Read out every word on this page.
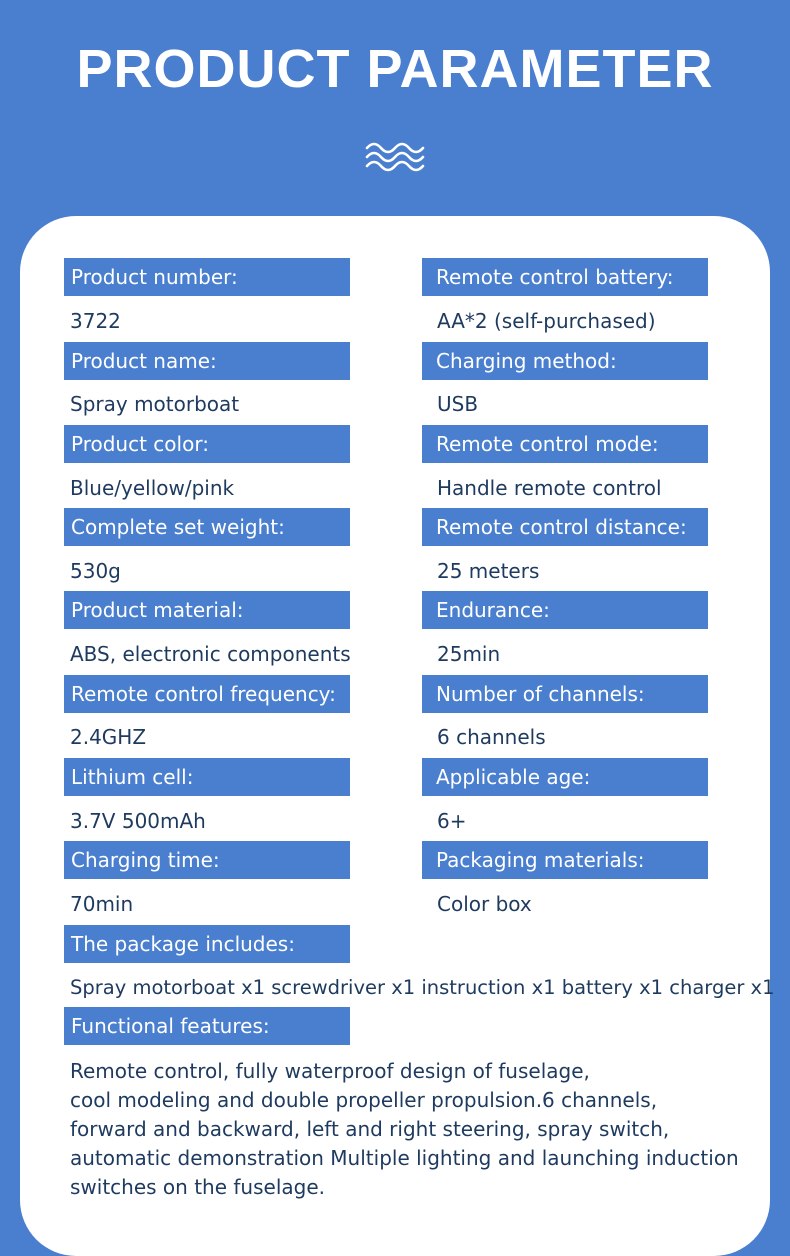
PRODUCT PARAMETER
Product number:
3722
Product name:
Spray motorboat
Product color:
Blue/yellow/pink
Complete set weight:
530g
Product material:
ABS, electronic components
Remote control frequency:
2.4GHZ
Lithium cell:
3.7V 500mAh
Charging time:
70min
Remote control battery:
AA*2 (self-purchased)
Charging method:
USB
Remote control mode:
Handle remote control
Remote control distance:
25 meters
Endurance:
25min
Number of channels:
6 channels
Applicable age:
6+
Packaging materials:
Color box
The package includes:
Spray motorboat x1 screwdriver x1 instruction x1 battery x1 charger x1
Functional features:
Remote control, fully waterproof design of fuselage,
cool modeling and double propeller propulsion.6 channels,
forward and backward, left and right steering, spray switch,
automatic demonstration Multiple lighting and launching induction
switches on the fuselage.
